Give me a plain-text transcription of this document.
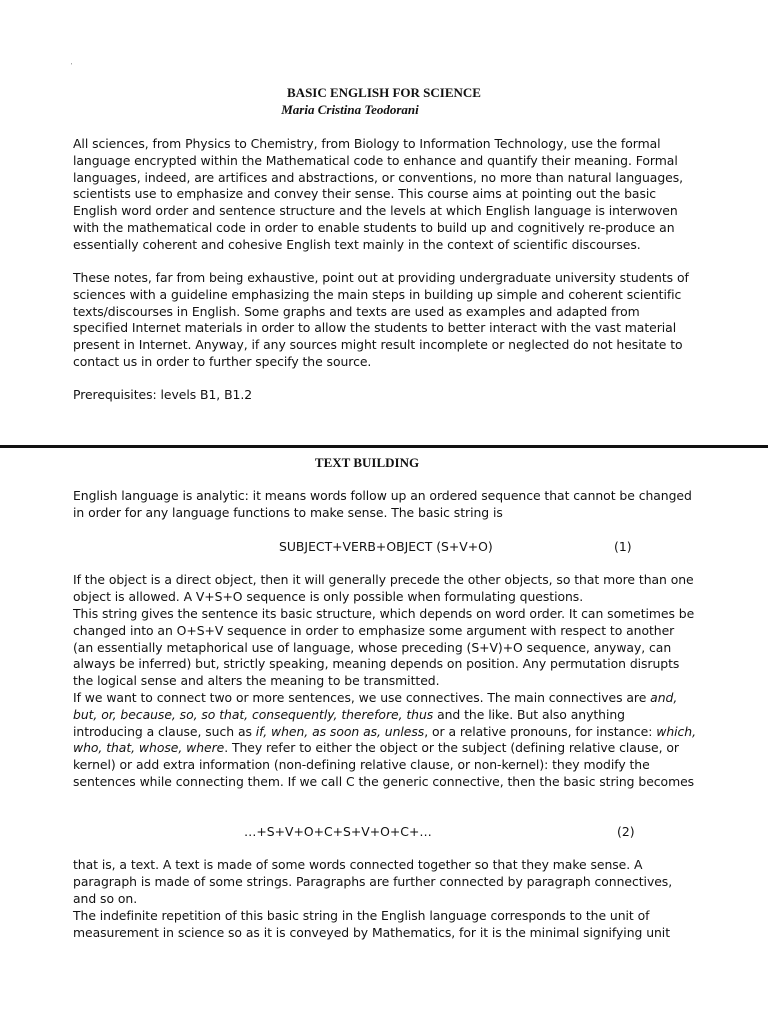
'
BASIC ENGLISH FOR SCIENCE
Maria Cristina Teodorani

All sciences, from Physics to Chemistry, from Biology to Information Technology, use the formal language encrypted within the Mathematical code to enhance and quantify their meaning. Formal languages, indeed, are artifices and abstractions, or conventions, no more than natural languages, scientists use to emphasize and convey their sense. This course aims at pointing out the basic English word order and sentence structure and the levels at which English language is interwoven with the mathematical code in order to enable students to build up and cognitively re-produce an essentially coherent and cohesive English text mainly in the context of scientific discourses.

These notes, far from being exhaustive, point out at providing undergraduate university students of sciences with a guideline emphasizing the main steps in building up simple and coherent scientific texts/discourses in English. Some graphs and texts are used as examples and adapted from specified Internet materials in order to allow the students to better interact with the vast material present in Internet. Anyway, if any sources might result incomplete or neglected do not hesitate to contact us in order to further specify the source.

Prerequisites: levels B1, B1.2

TEXT BUILDING

English language is analytic: it means words follow up an ordered sequence that cannot be changed in order for any language functions to make sense. The basic string is

SUBJECT+VERB+OBJECT (S+V+O)	(1)

If the object is a direct object, then it will generally precede the other objects, so that more than one object is allowed. A V+S+O sequence is only possible when formulating questions.

This string gives the sentence its basic structure, which depends on word order. It can sometimes be changed into an O+S+V sequence in order to emphasize some argument with respect to another (an essentially metaphorical use of language, whose preceding (S+V)+O sequence, anyway, can always be inferred) but, strictly speaking, meaning depends on position. Any permutation disrupts the logical sense and alters the meaning to be transmitted.

If we want to connect two or more sentences, we use connectives. The main connectives are and, but, or, because, so, so that, consequently, therefore, thus and the like. But also anything introducing a clause, such as if, when, as soon as, unless, or a relative pronouns, for instance: which, who, that, whose, where. They refer to either the object or the subject (defining relative clause, or kernel) or add extra information (non-defining relative clause, or non-kernel): they modify the sentences while connecting them. If we call C the generic connective, then the basic string becomes

…+S+V+O+C+S+V+O+C+…	(2)

that is, a text. A text is made of some words connected together so that they make sense. A paragraph is made of some strings. Paragraphs are further connected by paragraph connectives, and so on.

The indefinite repetition of this basic string in the English language corresponds to the unit of measurement in science so as it is conveyed by Mathematics, for it is the minimal signifying unit
